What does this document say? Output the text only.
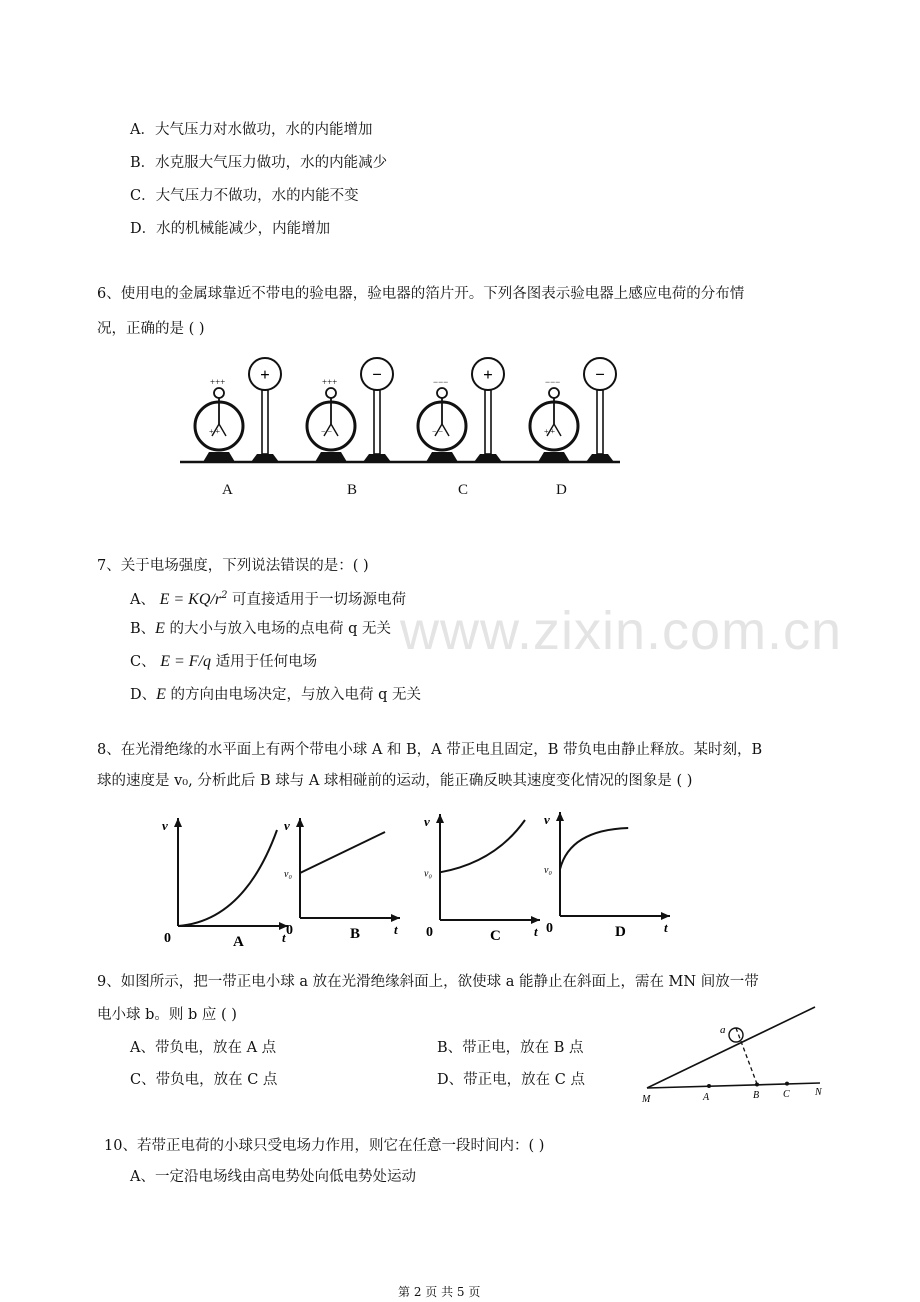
www.zixin.com.cn
A．大气压力对水做功，水的内能增加
B．水克服大气压力做功，水的内能减少
C．大气压力不做功，水的内能不变
D．水的机械能减少，内能增加
6、使用电的金属球靠近不带电的验电器，验电器的箔片开。下列各图表示验电器上感应电荷的分布情
况，正确的是 ( )
+++
+ +
+	+++
− −
−	−−−
− −
+	−−−
+ +
−
A	B	C	D
7、关于电场强度，下列说法错误的是：( )
A、 $E = KQ/r^2$ 可直接适用于一切场源电荷
B、E 的大小与放入电场的点电荷 q 无关
C、 E = F/q 适用于任何电场
D、E 的方向由电场决定，与放入电荷 q 无关
8、在光滑绝缘的水平面上有两个带电小球 A 和 B，A 带正电且固定，B 带负电由静止释放。某时刻，B
球的速度是 v₀, 分析此后 B 球与 A 球相碰前的运动，能正确反映其速度变化情况的图象是 ( )
v
t
0	A
v
t
0
v₀
B
v
t
0
v₀
C
v
t
0
v₀
D
9、如图所示，把一带正电小球 a 放在光滑绝缘斜面上，欲使球 a 能静止在斜面上，需在 MN 间放一带
电小球 b。则 b 应 ( )
A、带负电，放在 A 点	B、带正电，放在 B 点
C、带负电，放在 C 点	D、带正电，放在 C 点
a
M	A	B C	N
10、若带正电荷的小球只受电场力作用，则它在任意一段时间内：( )
A、一定沿电场线由高电势处向低电势处运动
第 2 页 共 5 页
